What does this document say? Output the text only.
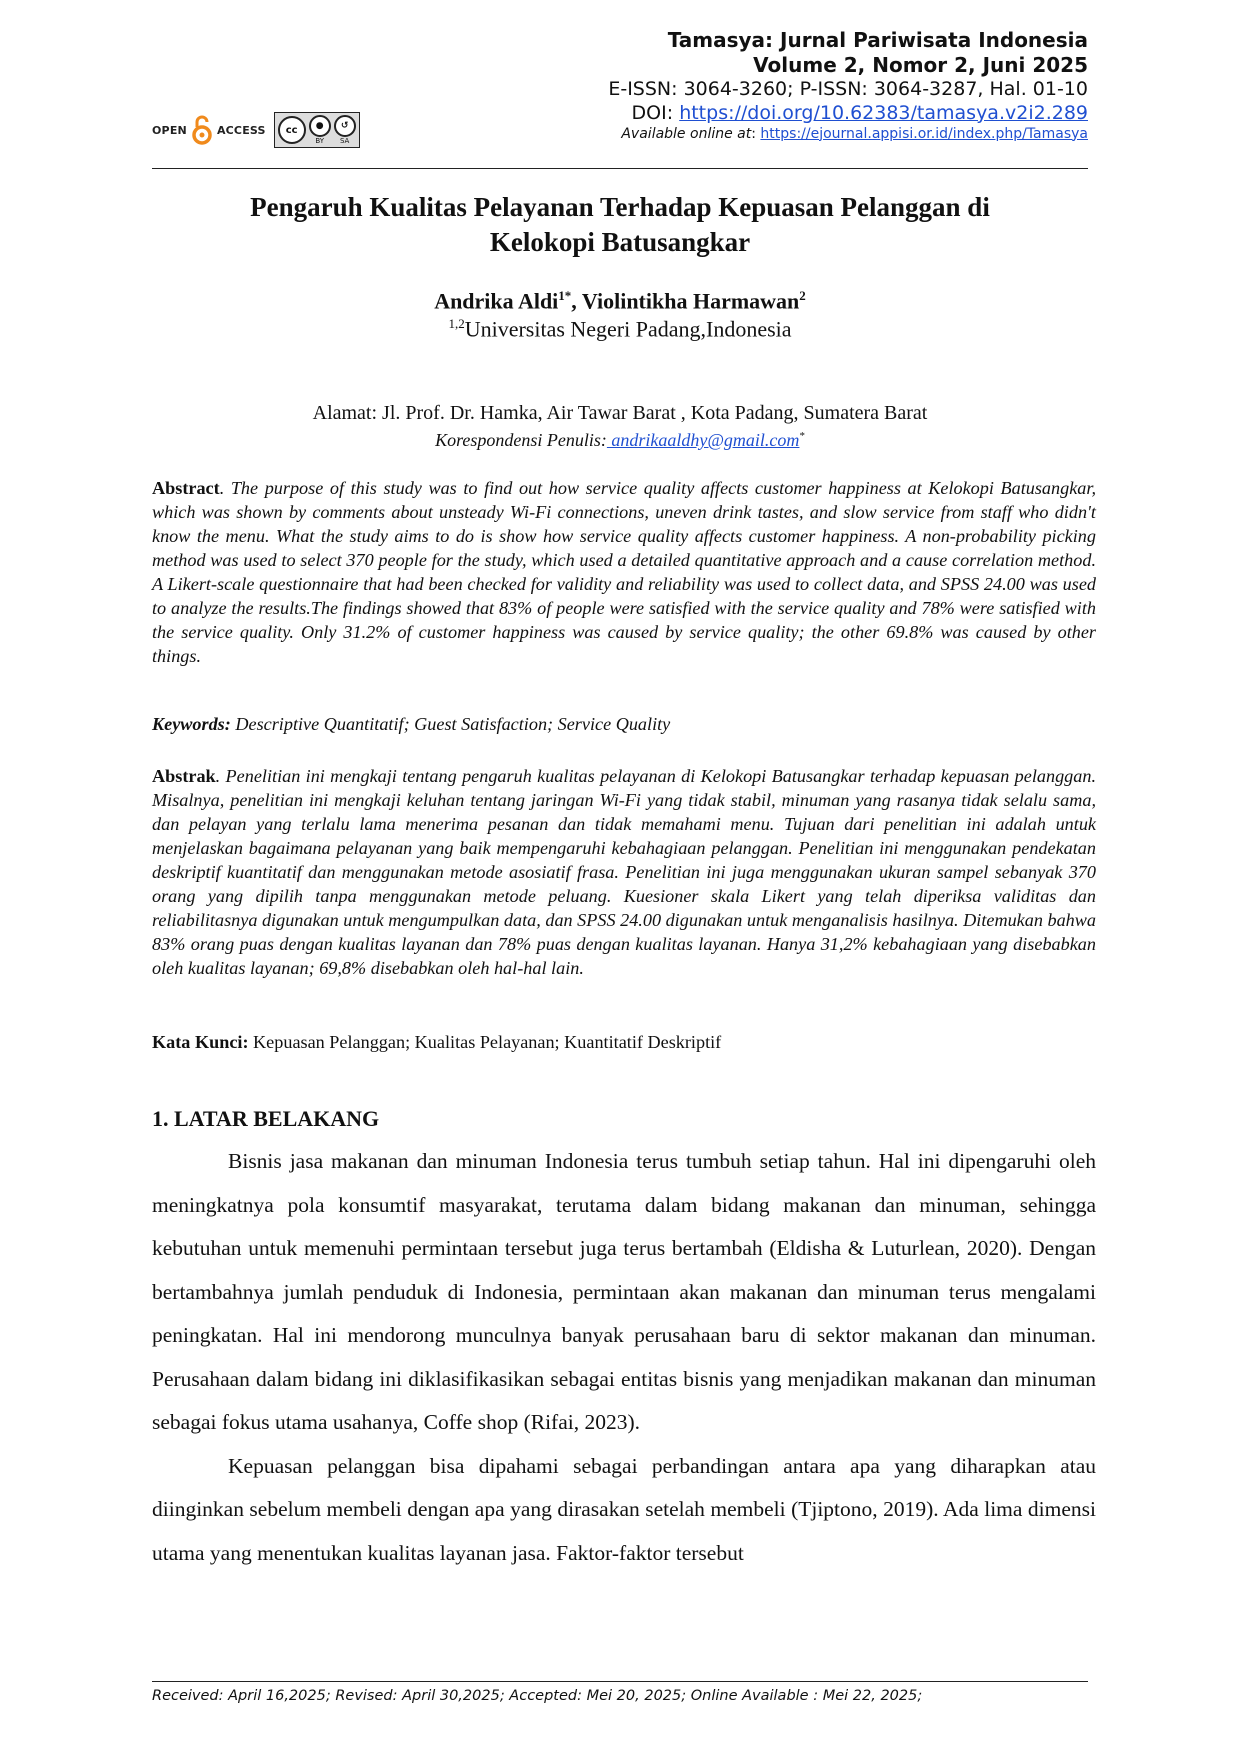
OPEN	ACCESS	cc	●
BY
↺
SA
Tamasya: Jurnal Pariwisata Indonesia
Volume 2, Nomor 2, Juni 2025
E-ISSN: 3064-3260; P-ISSN: 3064-3287, Hal. 01-10
DOI: https://doi.org/10.62383/tamasya.v2i2.289
Available online at: https://ejournal.appisi.or.id/index.php/Tamasya
Pengaruh Kualitas Pelayanan Terhadap Kepuasan Pelanggan di
Kelokopi Batusangkar
Andrika Aldi$^{1*}$, Violintikha Harmawan$^2$
$^{1,2}$Universitas Negeri Padang,Indonesia
Alamat: Jl. Prof. Dr. Hamka, Air Tawar Barat , Kota Padang, Sumatera Barat
Korespondensi Penulis: andrikaaldhy@gmail.com*
Abstract. The purpose of this study was to find out how service quality affects customer happiness at Kelokopi Batusangkar, which was shown by comments about unsteady Wi-Fi connections, uneven drink tastes, and slow service from staff who didn't know the menu. What the study aims to do is show how service quality affects customer happiness. A non-probability picking method was used to select 370 people for the study, which used a detailed quantitative approach and a cause correlation method. A Likert-scale questionnaire that had been checked for validity and reliability was used to collect data, and SPSS 24.00 was used to analyze the results.The findings showed that 83% of people were satisfied with the service quality and 78% were satisfied with the service quality. Only 31.2% of customer happiness was caused by service quality; the other 69.8% was caused by other things.
Keywords: Descriptive Quantitatif; Guest Satisfaction; Service Quality
Abstrak. Penelitian ini mengkaji tentang pengaruh kualitas pelayanan di Kelokopi Batusangkar terhadap kepuasan pelanggan. Misalnya, penelitian ini mengkaji keluhan tentang jaringan Wi-Fi yang tidak stabil, minuman yang rasanya tidak selalu sama, dan pelayan yang terlalu lama menerima pesanan dan tidak memahami menu. Tujuan dari penelitian ini adalah untuk menjelaskan bagaimana pelayanan yang baik mempengaruhi kebahagiaan pelanggan. Penelitian ini menggunakan pendekatan deskriptif kuantitatif dan menggunakan metode asosiatif frasa. Penelitian ini juga menggunakan ukuran sampel sebanyak 370 orang yang dipilih tanpa menggunakan metode peluang. Kuesioner skala Likert yang telah diperiksa validitas dan reliabilitasnya digunakan untuk mengumpulkan data, dan SPSS 24.00 digunakan untuk menganalisis hasilnya. Ditemukan bahwa 83% orang puas dengan kualitas layanan dan 78% puas dengan kualitas layanan. Hanya 31,2% kebahagiaan yang disebabkan oleh kualitas layanan; 69,8% disebabkan oleh hal-hal lain.
Kata Kunci: Kepuasan Pelanggan; Kualitas Pelayanan; Kuantitatif Deskriptif
1. LATAR BELAKANG

Bisnis jasa makanan dan minuman Indonesia terus tumbuh setiap tahun. Hal ini dipengaruhi oleh meningkatnya pola konsumtif masyarakat, terutama dalam bidang makanan dan minuman, sehingga kebutuhan untuk memenuhi permintaan tersebut juga terus bertambah (Eldisha & Luturlean, 2020). Dengan bertambahnya jumlah penduduk di Indonesia, permintaan akan makanan dan minuman terus mengalami peningkatan. Hal ini mendorong munculnya banyak perusahaan baru di sektor makanan dan minuman. Perusahaan dalam bidang ini diklasifikasikan sebagai entitas bisnis yang menjadikan makanan dan minuman sebagai fokus utama usahanya, Coffe shop (Rifai, 2023).

Kepuasan pelanggan bisa dipahami sebagai perbandingan antara apa yang diharapkan atau diinginkan sebelum membeli dengan apa yang dirasakan setelah membeli (Tjiptono, 2019). Ada lima dimensi utama yang menentukan kualitas layanan jasa. Faktor-faktor tersebut

Received: April 16,2025; Revised: April 30,2025; Accepted: Mei 20, 2025; Online Available : Mei 22, 2025;
